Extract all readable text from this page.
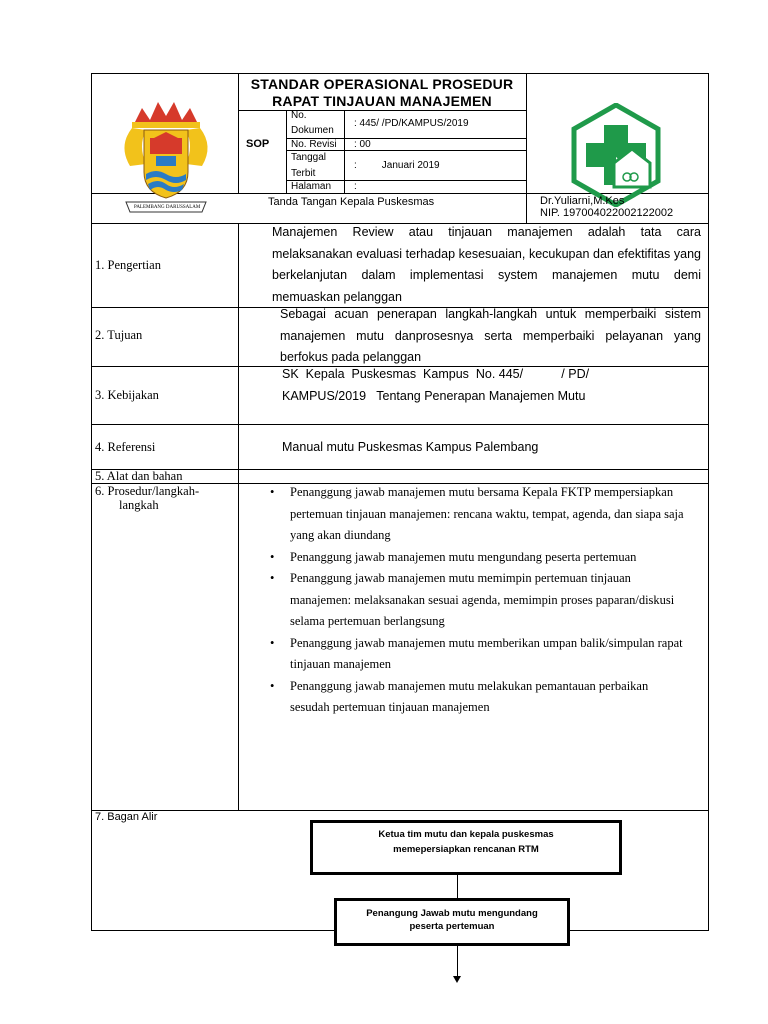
PALEMBANG DARUSSALAM
STANDAR OPERASIONAL PROSEDUR
RAPAT TINJAUAN MANAJEMEN
SOP
No.
Dokumen
: 445/ /PD/KAMPUS/2019
No. Revisi : 00
Tanggal
Terbit
:         Januari 2019
Halaman :
Tanda Tangan Kepala Puskesmas	Dr.Yuliarni,M.Kes
NIP. 197004022002122002
1. Pengertian
Manajemen Review atau tinjauan manajemen adalah tata cara melaksanakan evaluasi terhadap kesesuaian, kecukupan dan efektifitas yang berkelanjutan dalam implementasi system manajemen mutu demi memuaskan pelanggan
2. Tujuan
Sebagai acuan penerapan langkah-langkah untuk memperbaiki sistem manajemen mutu danprosesnya serta memperbaiki pelayanan yang berfokus pada pelanggan
3. Kebijakan
SK  Kepala  Puskesmas  Kampus  No. 445/           / PD/
KAMPUS/2019   Tentang Penerapan Manajemen Mutu
4. Referensi	Manual mutu Puskesmas Kampus Palembang
5. Alat dan bahan
6. Prosedur/langkah-
langkah
• Penanggung jawab manajemen mutu bersama Kepala FKTP mempersiapkan pertemuan tinjauan manajemen: rencana waktu, tempat, agenda, dan siapa saja yang akan diundang
• Penanggung jawab manajemen mutu mengundang peserta pertemuan
• Penanggung jawab manajemen mutu memimpin pertemuan tinjauan manajemen: melaksanakan sesuai agenda, memimpin proses paparan/diskusi selama pertemuan berlangsung
• Penanggung jawab manajemen mutu memberikan umpan balik/simpulan rapat tinjauan manajemen
• Penanggung jawab manajemen mutu melakukan pemantauan perbaikan sesudah pertemuan tinjauan manajemen
7. Bagan Alir
Ketua tim mutu dan kepala puskesmas
memepersiapkan rencanan RTM
Penangung Jawab mutu mengundang
peserta pertemuan
